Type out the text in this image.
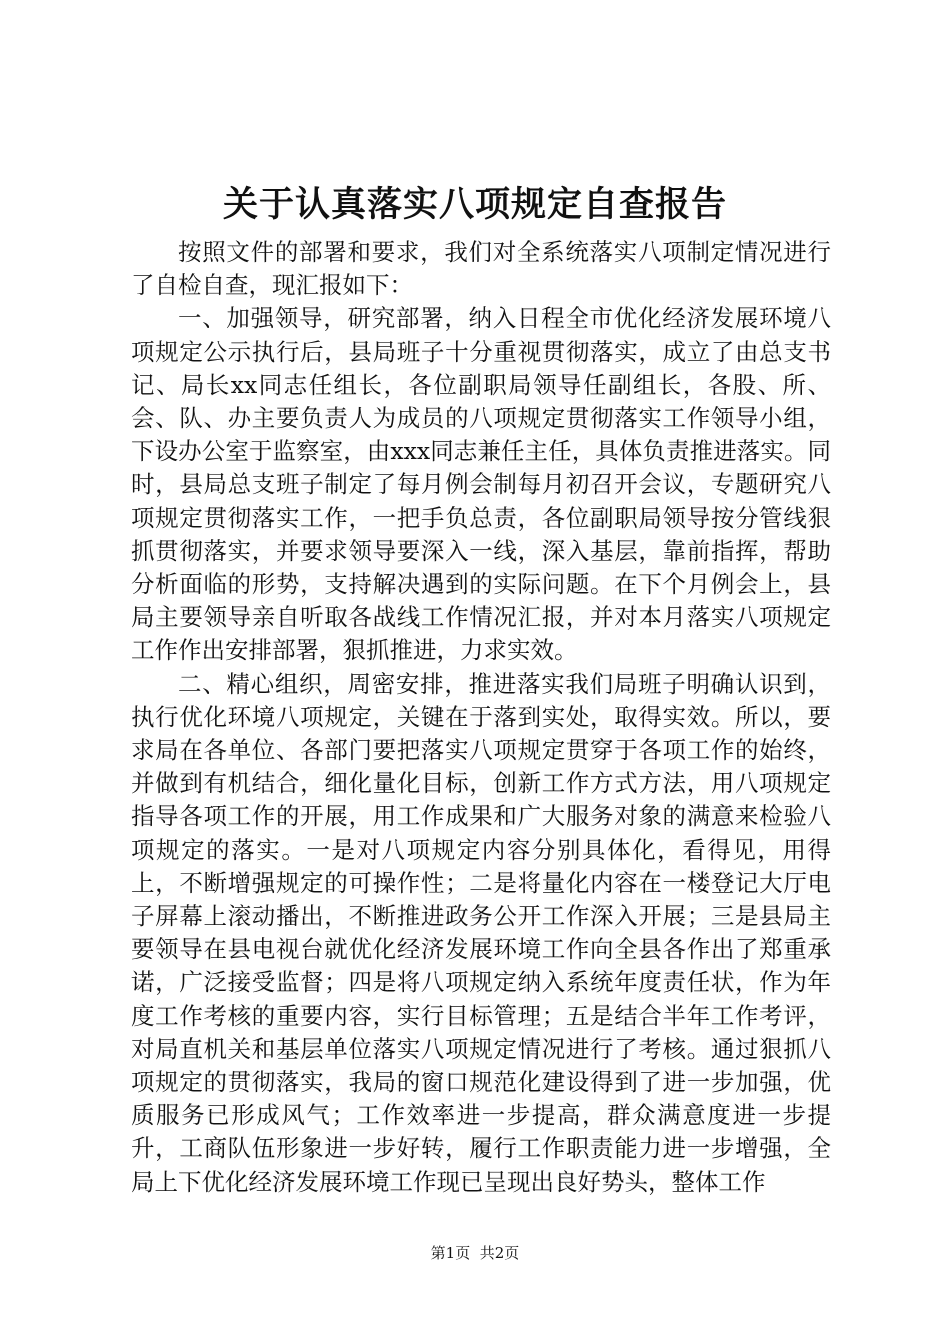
关于认真落实八项规定自查报告

按照文件的部署和要求，我们对全系统落实八项制定情况进行了自检自查，现汇报如下：

一、加强领导，研究部署，纳入日程全市优化经济发展环境八项规定公示执行后，县局班子十分重视贯彻落实，成立了由总支书记、局长xx同志任组长，各位副职局领导任副组长，各股、所、会、队、办主要负责人为成员的八项规定贯彻落实工作领导小组，下设办公室于监察室，由xxx同志兼任主任，具体负责推进落实。同时，县局总支班子制定了每月例会制每月初召开会议，专题研究八项规定贯彻落实工作，一把手负总责，各位副职局领导按分管线狠抓贯彻落实，并要求领导要深入一线，深入基层，靠前指挥，帮助分析面临的形势，支持解决遇到的实际问题。在下个月例会上，县局主要领导亲自听取各战线工作情况汇报，并对本月落实八项规定工作作出安排部署，狠抓推进，力求实效。

二、精心组织，周密安排，推进落实我们局班子明确认识到，执行优化环境八项规定，关键在于落到实处，取得实效。所以，要求局在各单位、各部门要把落实八项规定贯穿于各项工作的始终，并做到有机结合，细化量化目标，创新工作方式方法，用八项规定指导各项工作的开展，用工作成果和广大服务对象的满意来检验八项规定的落实。一是对八项规定内容分别具体化，看得见，用得上，不断增强规定的可操作性；二是将量化内容在一楼登记大厅电子屏幕上滚动播出，不断推进政务公开工作深入开展；三是县局主要领导在县电视台就优化经济发展环境工作向全县各作出了郑重承诺，广泛接受监督；四是将八项规定纳入系统年度责任状，作为年度工作考核的重要内容，实行目标管理；五是结合半年工作考评，对局直机关和基层单位落实八项规定情况进行了考核。通过狠抓八项规定的贯彻落实，我局的窗口规范化建设得到了进一步加强，优质服务已形成风气；工作效率进一步提高，群众满意度进一步提升，工商队伍形象进一步好转，履行工作职责能力进一步增强，全局上下优化经济发展环境工作现已呈现出良好势头，整体工作

第1页 共2页
